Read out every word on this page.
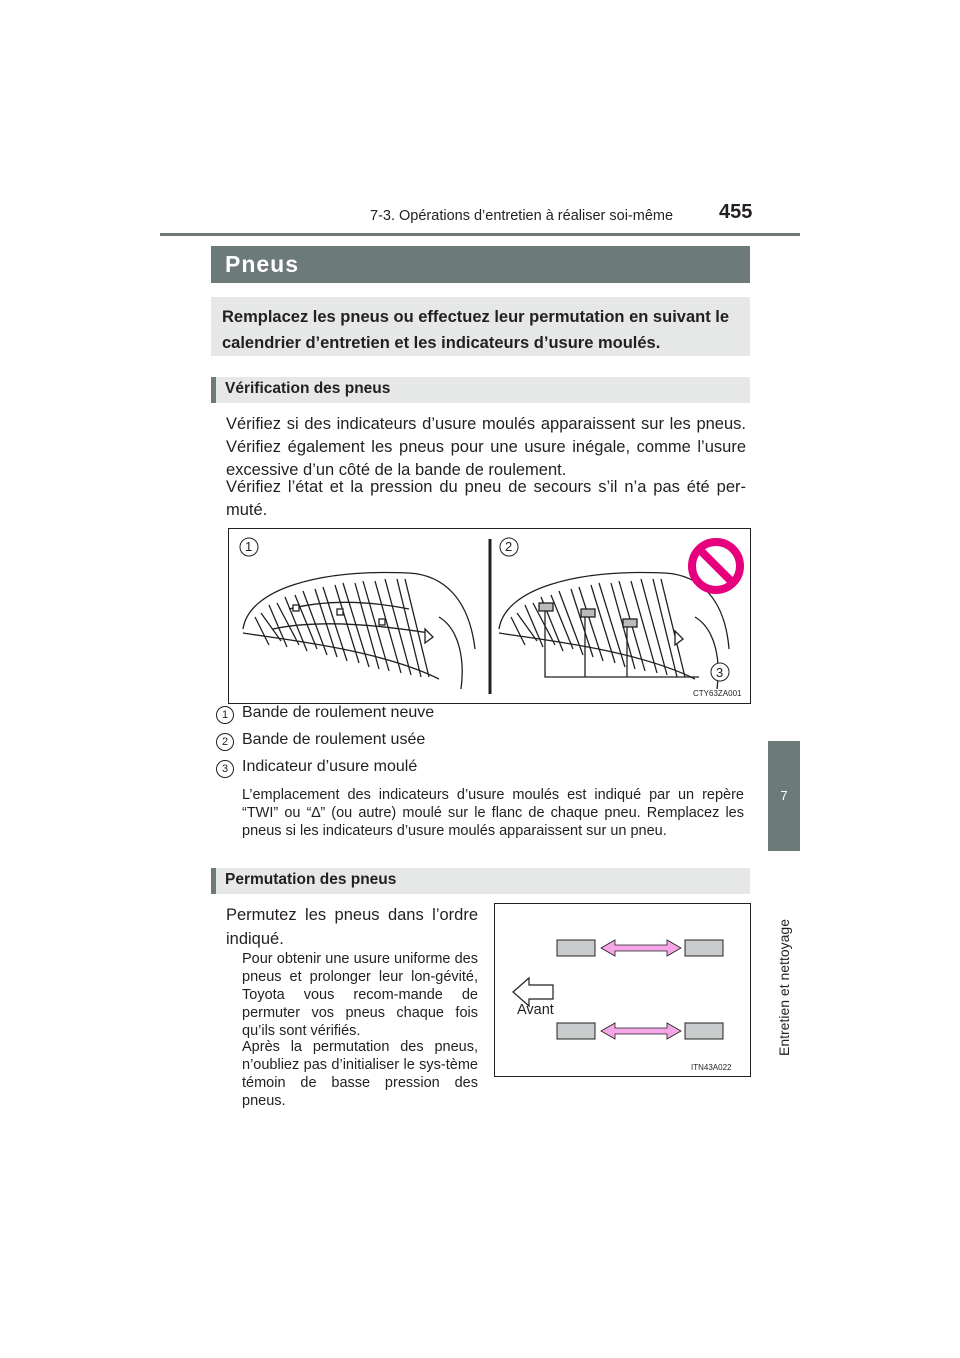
7-3. Opérations d’entretien à réaliser soi-même 455
7
Entretien et nettoyage
Pneus

Remplacez les pneus ou effectuez leur permutation en suivant le calendrier d’entretien et les indicateurs d’usure moulés.

Vérification des pneus
Vérifiez si des indicateurs d’usure moulés apparaissent sur les pneus. Vérifiez également les pneus pour une usure inégale, comme l’usure excessive d’un côté de la bande de roulement.
Vérifiez l’état et la pression du pneu de secours s’il n’a pas été per-muté.
1	2
3
CTY63ZA001
1 Bande de roulement neuve
2 Bande de roulement usée
3 Indicateur d’usure moulé
L’emplacement des indicateurs d’usure moulés est indiqué par un repère “TWI” ou “∆” (ou autre) moulé sur le flanc de chaque pneu. Remplacez les pneus si les indicateurs d’usure moulés apparaissent sur un pneu.
Permutation des pneus
Permutez les pneus dans l’ordre indiqué.
Pour obtenir une usure uniforme des pneus et prolonger leur lon-gévité, Toyota vous recom-mande de permuter vos pneus chaque fois qu’ils sont vérifiés.
Après la permutation des pneus, n’oubliez pas d’initialiser le sys-tème témoin de basse pression des pneus.
Avant
ITN43A022
